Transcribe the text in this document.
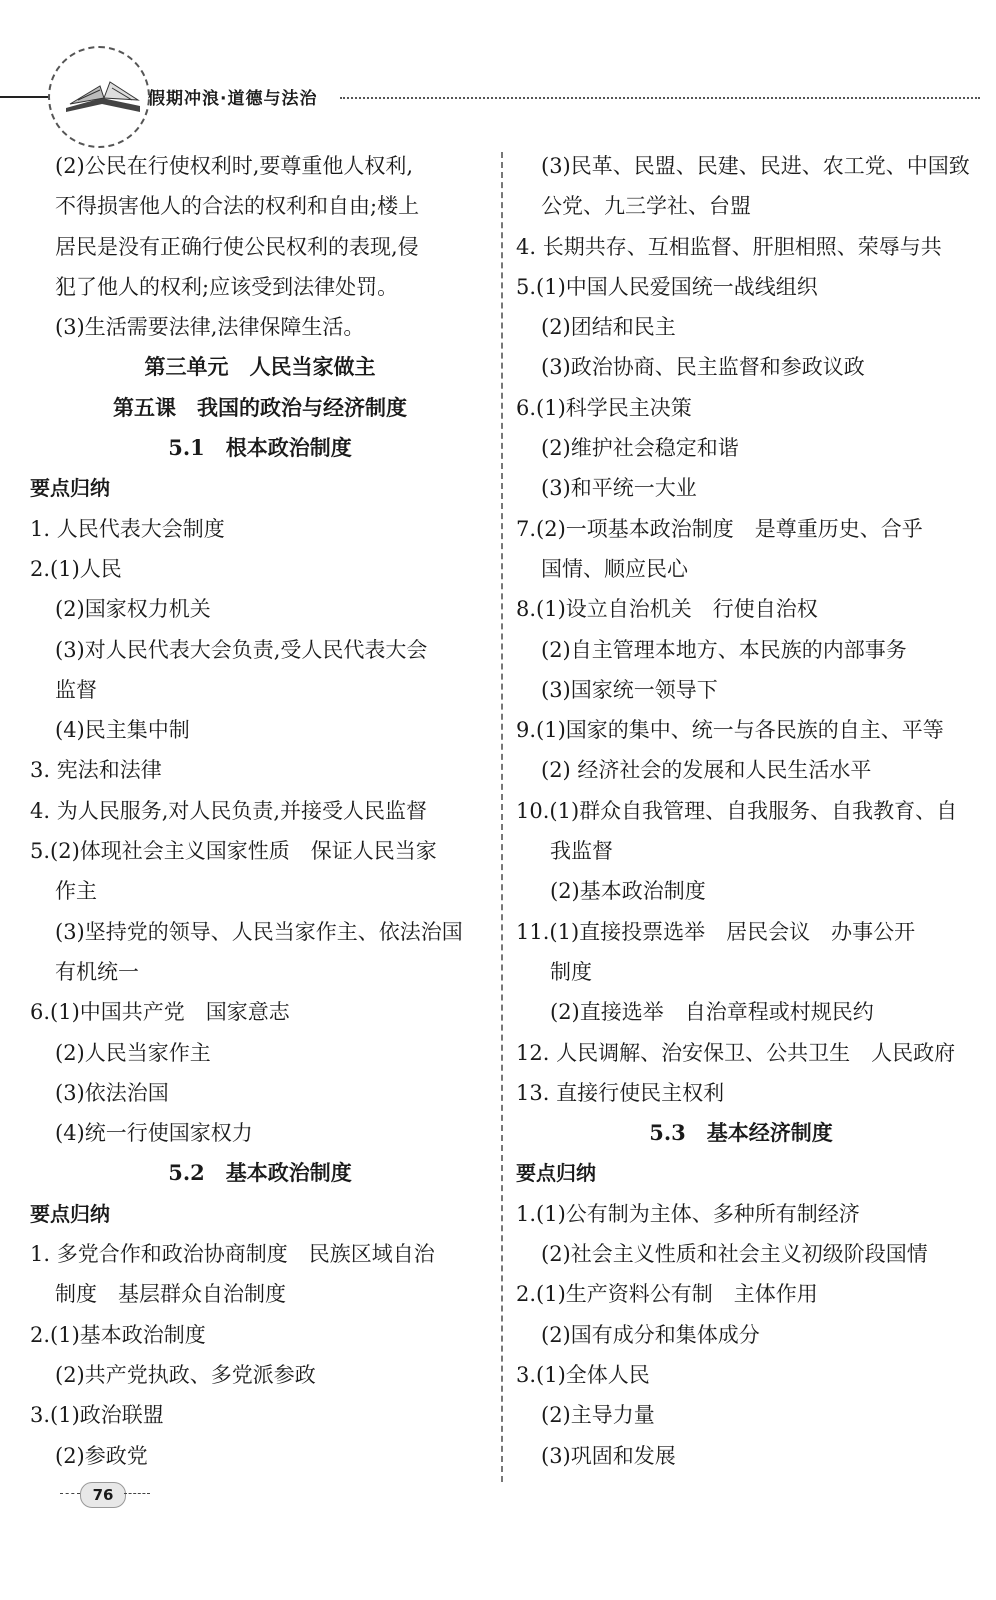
假期冲浪·道德与法治
(2)公民在行使权利时,要尊重他人权利,
不得损害他人的合法的权利和自由;楼上
居民是没有正确行使公民权利的表现,侵
犯了他人的权利;应该受到法律处罚。
(3)生活需要法律,法律保障生活。
第三单元　人民当家做主
第五课　我国的政治与经济制度
5.1　根本政治制度
要点归纳
1. 人民代表大会制度
2.(1)人民
(2)国家权力机关
(3)对人民代表大会负责,受人民代表大会
监督
(4)民主集中制
3. 宪法和法律
4. 为人民服务,对人民负责,并接受人民监督
5.(2)体现社会主义国家性质　保证人民当家
作主
(3)坚持党的领导、人民当家作主、依法治国
有机统一
6.(1)中国共产党　国家意志
(2)人民当家作主
(3)依法治国
(4)统一行使国家权力
5.2　基本政治制度
要点归纳
1. 多党合作和政治协商制度　民族区域自治
制度　基层群众自治制度
2.(1)基本政治制度
(2)共产党执政、多党派参政
3.(1)政治联盟
(2)参政党
(3)民革、民盟、民建、民进、农工党、中国致
公党、九三学社、台盟
4. 长期共存、互相监督、肝胆相照、荣辱与共
5.(1)中国人民爱国统一战线组织
(2)团结和民主
(3)政治协商、民主监督和参政议政
6.(1)科学民主决策
(2)维护社会稳定和谐
(3)和平统一大业
7.(2)一项基本政治制度　是尊重历史、合乎
国情、顺应民心
8.(1)设立自治机关　行使自治权
(2)自主管理本地方、本民族的内部事务
(3)国家统一领导下
9.(1)国家的集中、统一与各民族的自主、平等
(2) 经济社会的发展和人民生活水平
10.(1)群众自我管理、自我服务、自我教育、自
我监督
(2)基本政治制度
11.(1)直接投票选举　居民会议　办事公开
制度
(2)直接选举　自治章程或村规民约
12. 人民调解、治安保卫、公共卫生　人民政府
13. 直接行使民主权利
5.3　基本经济制度
要点归纳
1.(1)公有制为主体、多种所有制经济
(2)社会主义性质和社会主义初级阶段国情
2.(1)生产资料公有制　主体作用
(2)国有成分和集体成分
3.(1)全体人民
(2)主导力量
(3)巩固和发展
76
